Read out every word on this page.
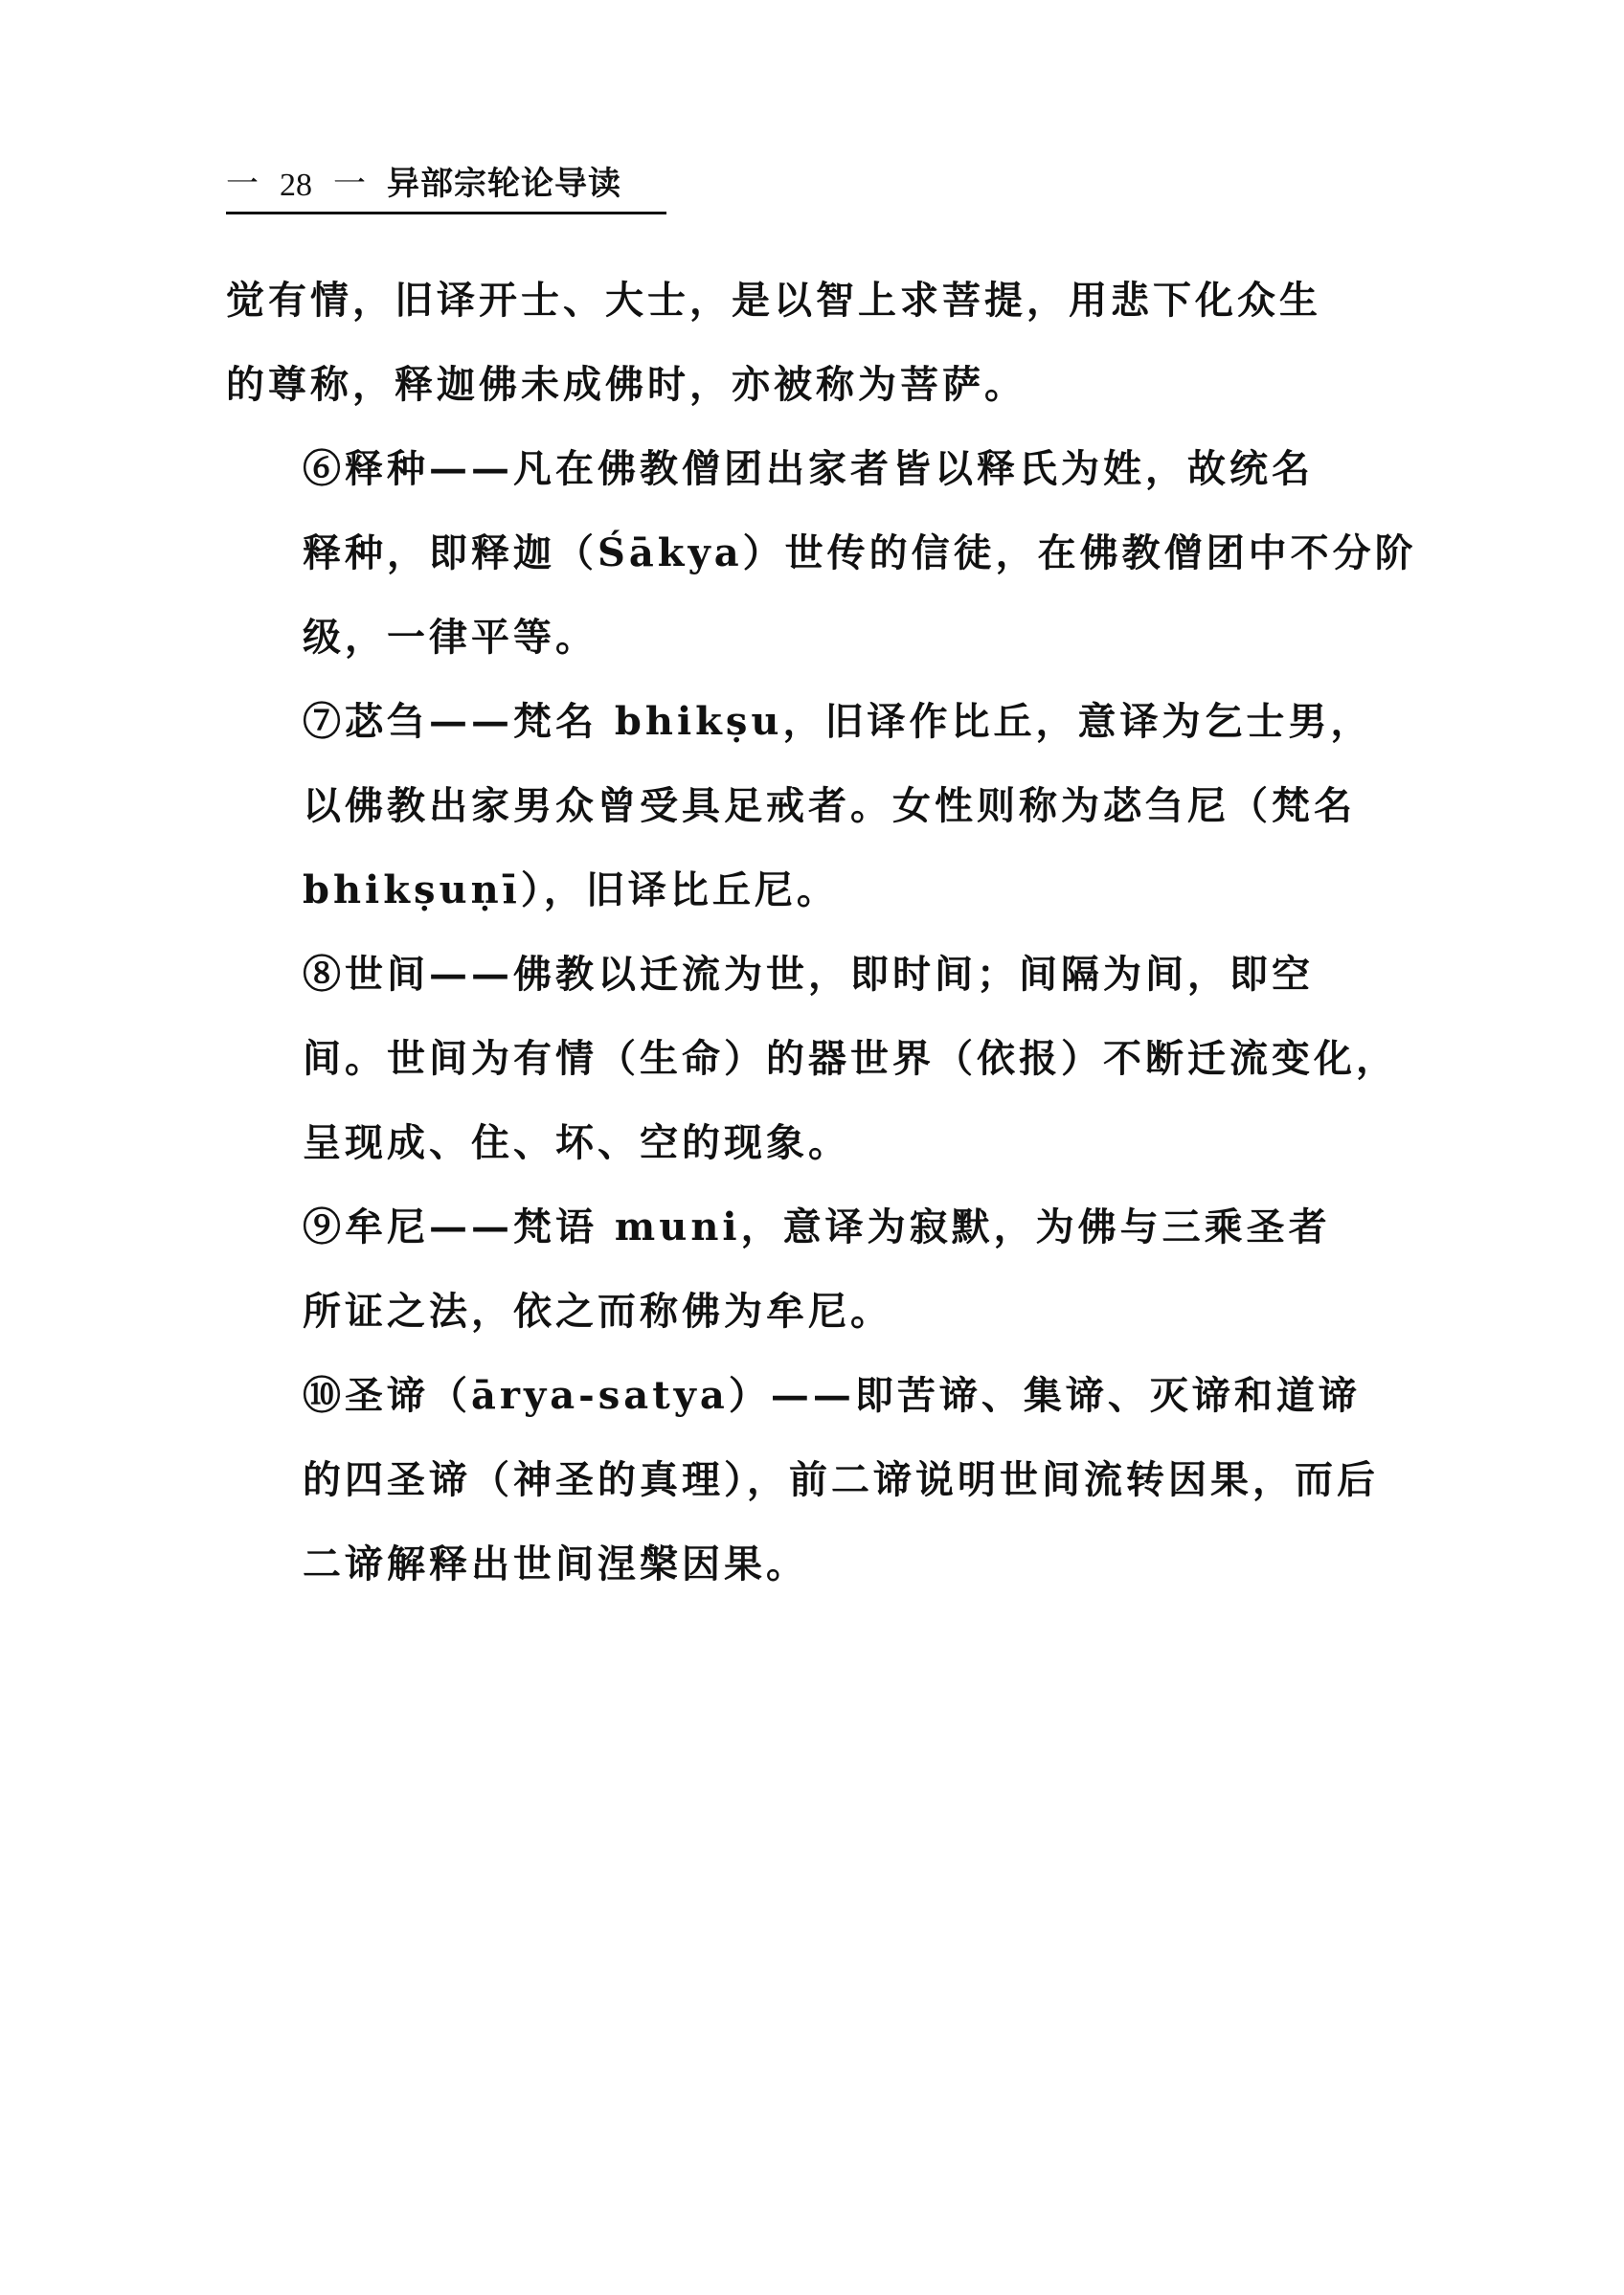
一 28 一 异部宗轮论导读

觉有情，旧译开士、大士，是以智上求菩提，用悲下化众生
的尊称，释迦佛未成佛时，亦被称为菩萨。

⑥释种——凡在佛教僧团出家者皆以释氏为姓，故统名
释种，即释迦（Śākya）世传的信徒，在佛教僧团中不分阶
级，一律平等。

⑦苾刍——梵名 bhikṣu，旧译作比丘，意译为乞士男，
以佛教出家男众曾受具足戒者。女性则称为苾刍尼（梵名
bhikṣuṇī），旧译比丘尼。

⑧世间——佛教以迁流为世，即时间；间隔为间，即空
间。世间为有情（生命）的器世界（依报）不断迁流变化，
呈现成、住、坏、空的现象。

⑨牟尼——梵语 muni，意译为寂默，为佛与三乘圣者
所证之法，依之而称佛为牟尼。

⑩圣谛（ārya-satya）——即苦谛、集谛、灭谛和道谛
的四圣谛（神圣的真理），前二谛说明世间流转因果，而后
二谛解释出世间涅槃因果。
